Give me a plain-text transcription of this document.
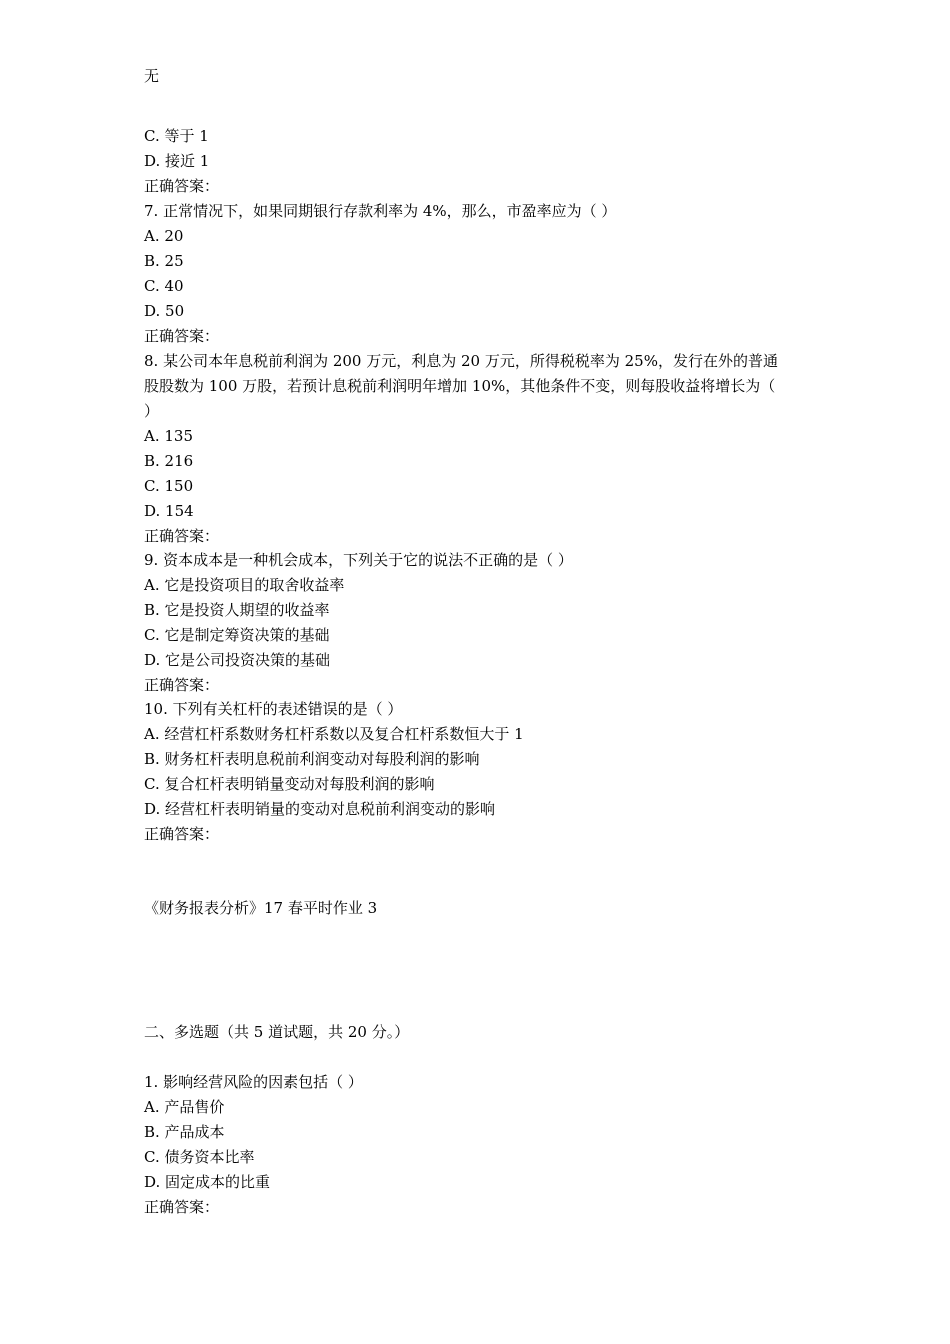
无
C. 等于 1
D. 接近 1
正确答案：
7. 正常情况下，如果同期银行存款利率为 4%，那么，市盈率应为（ ）
A. 20
B. 25
C. 40
D. 50
正确答案：
8. 某公司本年息税前利润为 200 万元，利息为 20 万元，所得税税率为 25%，发行在外的普通
股股数为 100 万股，若预计息税前利润明年增加 10%，其他条件不变，则每股收益将增长为（
）
A. 135
B. 216
C. 150
D. 154
正确答案：
9. 资本成本是一种机会成本，下列关于它的说法不正确的是（ ）
A. 它是投资项目的取舍收益率
B. 它是投资人期望的收益率
C. 它是制定筹资决策的基础
D. 它是公司投资决策的基础
正确答案：
10. 下列有关杠杆的表述错误的是（ ）
A. 经营杠杆系数财务杠杆系数以及复合杠杆系数恒大于 1
B. 财务杠杆表明息税前利润变动对每股利润的影响
C. 复合杠杆表明销量变动对每股利润的影响
D. 经营杠杆表明销量的变动对息税前利润变动的影响
正确答案：
《财务报表分析》17 春平时作业 3
二、多选题（共 5 道试题，共 20 分。）
1. 影响经营风险的因素包括（ ）
A. 产品售价
B. 产品成本
C. 债务资本比率
D. 固定成本的比重
正确答案：
